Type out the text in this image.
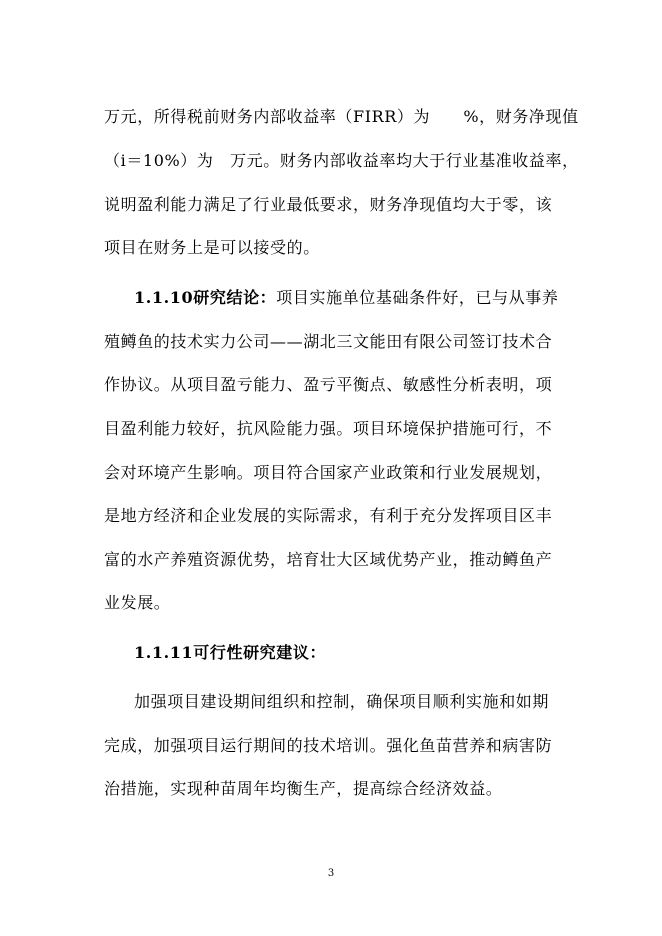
万元，所得税前财务内部收益率（FIRR）为　　%，财务净现值
（i＝10%）为　万元。财务内部收益率均大于行业基准收益率，
说明盈利能力满足了行业最低要求，财务净现值均大于零，该
项目在财务上是可以接受的。
1.1.10研究结论：项目实施单位基础条件好，已与从事养
殖鳟鱼的技术实力公司——湖北三文能田有限公司签订技术合
作协议。从项目盈亏能力、盈亏平衡点、敏感性分析表明，项
目盈利能力较好，抗风险能力强。项目环境保护措施可行，不
会对环境产生影响。项目符合国家产业政策和行业发展规划，
是地方经济和企业发展的实际需求，有利于充分发挥项目区丰
富的水产养殖资源优势，培育壮大区域优势产业，推动鳟鱼产
业发展。
1.1.11可行性研究建议：
加强项目建设期间组织和控制，确保项目顺利实施和如期
完成，加强项目运行期间的技术培训。强化鱼苗营养和病害防
治措施，实现种苗周年均衡生产，提高综合经济效益。
3
